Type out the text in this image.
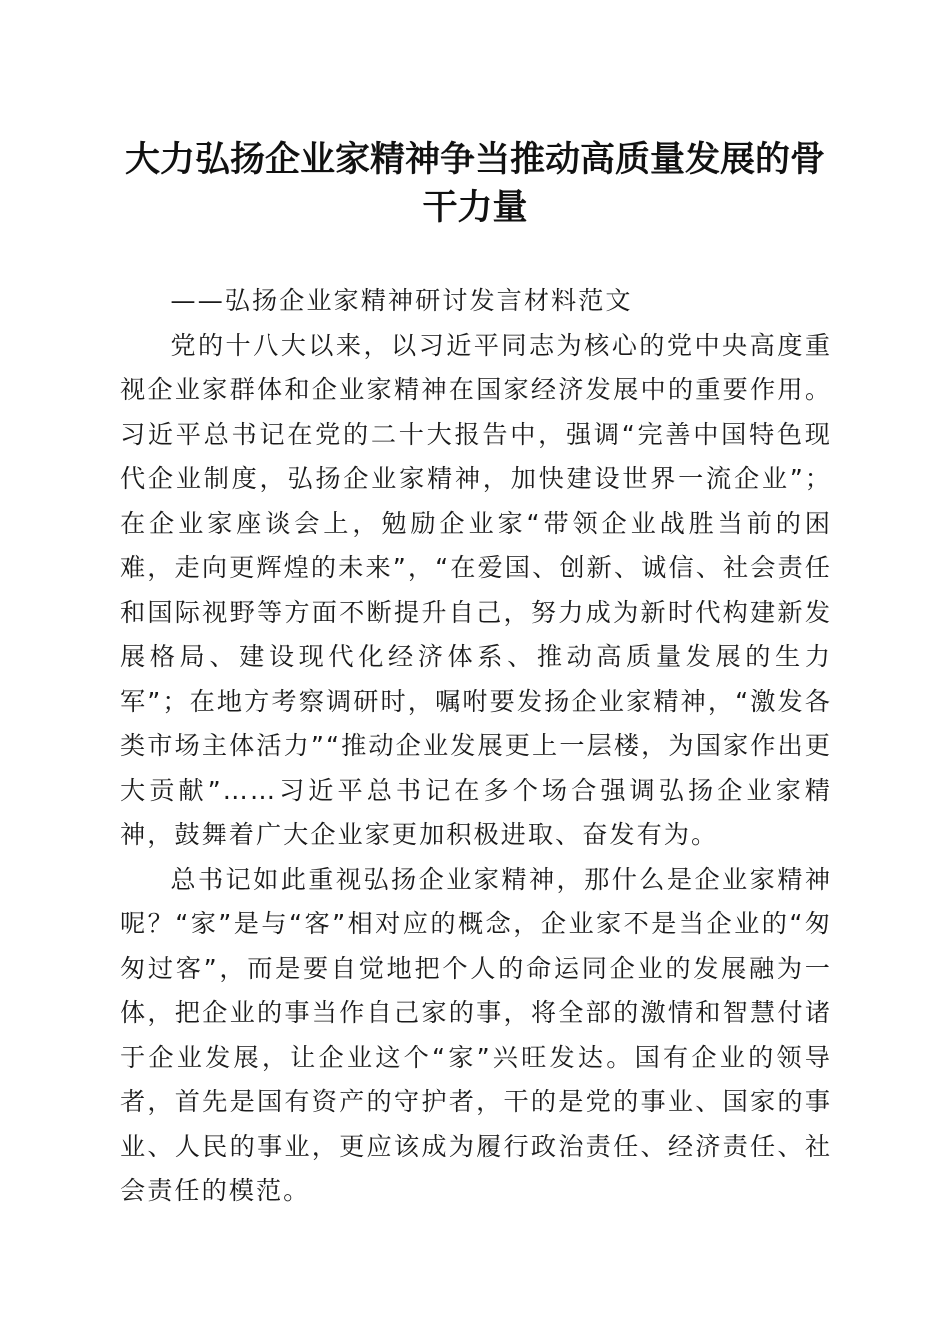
大力弘扬企业家精神争当推动高质量发展的骨干力量

——弘扬企业家精神研讨发言材料范文

党的十八大以来，以习近平同志为核心的党中央高度重视企业家群体和企业家精神在国家经济发展中的重要作用。习近平总书记在党的二十大报告中，强调“完善中国特色现代企业制度，弘扬企业家精神，加快建设世界一流企业”；在企业家座谈会上，勉励企业家“带领企业战胜当前的困难，走向更辉煌的未来”，“在爱国、创新、诚信、社会责任和国际视野等方面不断提升自己，努力成为新时代构建新发展格局、建设现代化经济体系、推动高质量发展的生力军”；在地方考察调研时，嘱咐要发扬企业家精神，“激发各类市场主体活力”“推动企业发展更上一层楼，为国家作出更大贡献”……习近平总书记在多个场合强调弘扬企业家精神，鼓舞着广大企业家更加积极进取、奋发有为。

总书记如此重视弘扬企业家精神，那什么是企业家精神呢？“家”是与“客”相对应的概念，企业家不是当企业的“匆匆过客”，而是要自觉地把个人的命运同企业的发展融为一体，把企业的事当作自己家的事，将全部的激情和智慧付诸于企业发展，让企业这个“家”兴旺发达。国有企业的领导者，首先是国有资产的守护者，干的是党的事业、国家的事业、人民的事业，更应该成为履行政治责任、经济责任、社会责任的模范。
